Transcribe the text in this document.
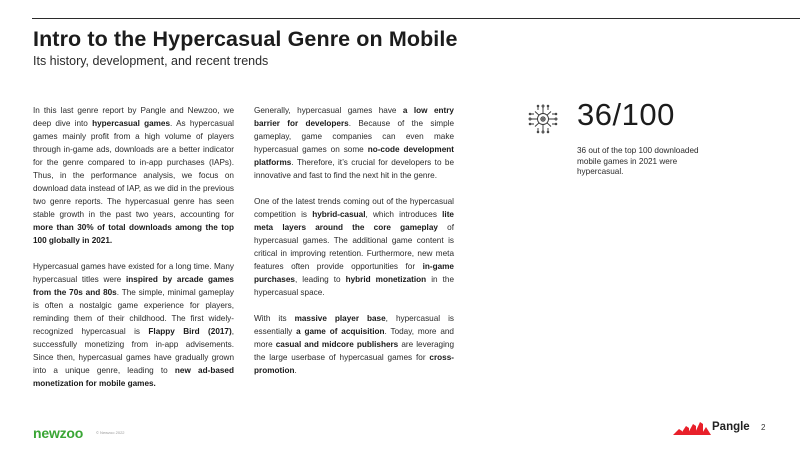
Intro to the Hypercasual Genre on Mobile
Its history, development, and recent trends

In this last genre report by Pangle and Newzoo, we deep dive into hypercasual games. As hypercasual games mainly profit from a high volume of players through in-game ads, downloads are a better indicator for the genre compared to in-app purchases (IAPs). Thus, in the performance analysis, we focus on download data instead of IAP, as we did in the previous two genre reports. The hypercasual genre has seen stable growth in the past two years, accounting for more than 30% of total downloads among the top 100 globally in 2021.

Hypercasual games have existed for a long time. Many hypercasual titles were inspired by arcade games from the 70s and 80s. The simple, minimal gameplay is often a nostalgic game experience for players, reminding them of their childhood. The first widely-recognized hypercasual is Flappy Bird (2017), successfully monetizing from in-app advisements. Since then, hypercasual games have gradually grown into a unique genre, leading to new ad-based monetization for mobile games.

Generally, hypercasual games have a low entry barrier for developers. Because of the simple gameplay, game companies can even make hypercasual games on some no-code development platforms. Therefore, it’s crucial for developers to be innovative and fast to find the next hit in the genre.

One of the latest trends coming out of the hypercasual competition is hybrid-casual, which introduces lite meta layers around the core gameplay of hypercasual games. The additional game content is critical in improving retention. Furthermore, new meta features often provide opportunities for in-game purchases, leading to hybrid monetization in the hypercasual space.

With its massive player base, hypercasual is essentially a game of acquisition. Today, more and more casual and midcore publishers are leveraging the large userbase of hypercasual games for cross-promotion.

36/100
36 out of the top 100 downloaded mobile games in 2021 were hypercasual.
newzoo	© Newzoo 2022	Pangle 2
